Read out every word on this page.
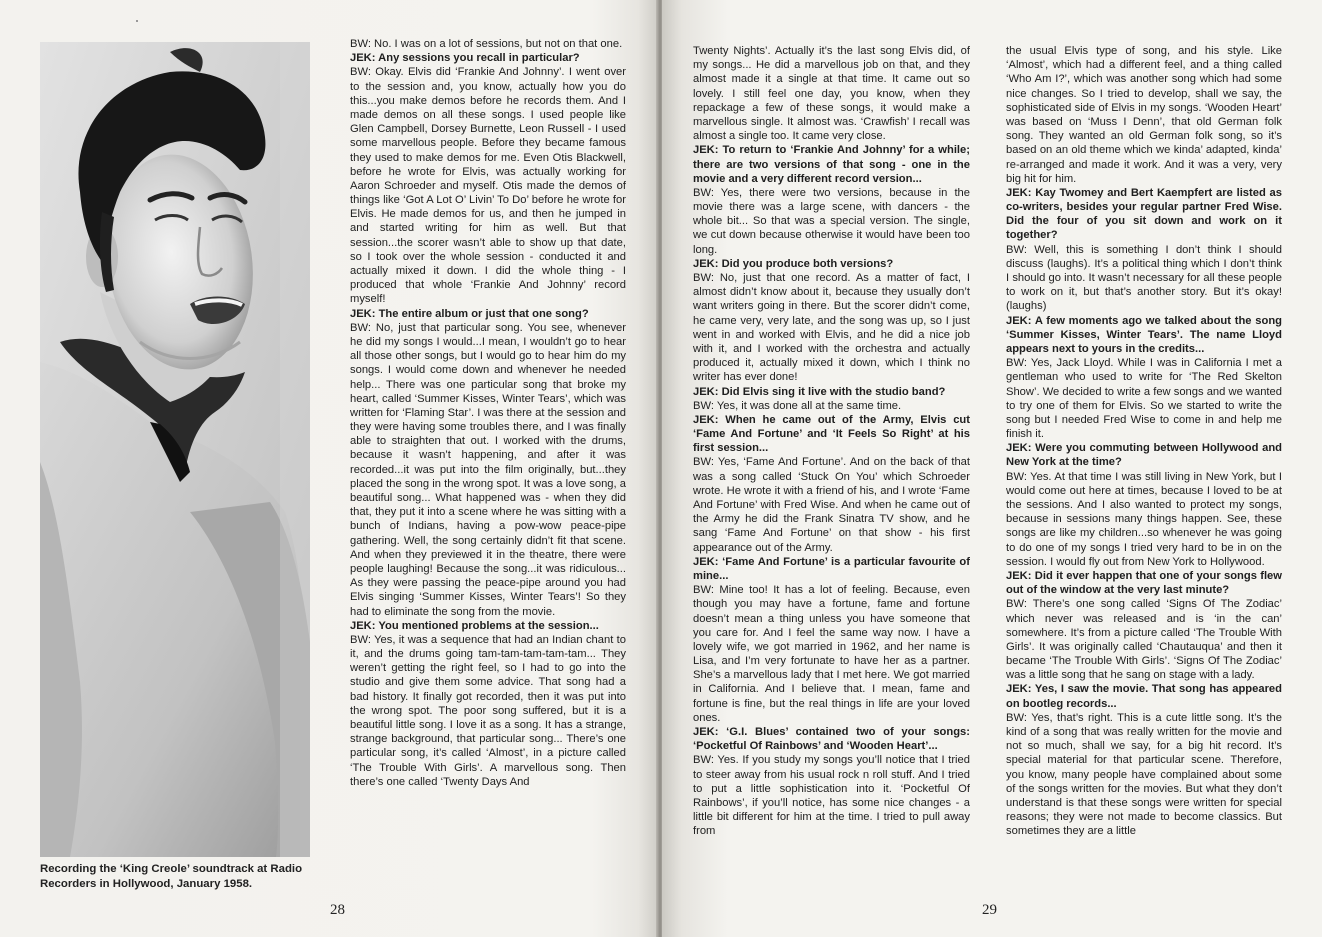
Recording the ‘King Creole’ soundtrack at Radio Recorders in Hollywood, January 1958.

BW: No. I was on a lot of sessions, but not on that one.

JEK: Any sessions you recall in particular?

BW: Okay. Elvis did ‘Frankie And Johnny’. I went over to the session and, you know, actually how you do this...you make demos before he records them. And I made demos on all these songs. I used people like Glen Campbell, Dorsey Burnette, Leon Russell - I used some marvellous people. Before they became famous they used to make demos for me. Even Otis Blackwell, before he wrote for Elvis, was actually working for Aaron Schroeder and myself. Otis made the demos of things like ‘Got A Lot O’ Livin’ To Do’ before he wrote for Elvis. He made demos for us, and then he jumped in and started writing for him as well. But that session...the scorer wasn’t able to show up that date, so I took over the whole session - conducted it and actually mixed it down. I did the whole thing - I produced that whole ‘Frankie And Johnny’ record myself!

JEK: The entire album or just that one song?

BW: No, just that particular song. You see, whenever he did my songs I would...I mean, I wouldn’t go to hear all those other songs, but I would go to hear him do my songs. I would come down and whenever he needed help... There was one particular song that broke my heart, called ‘Summer Kisses, Winter Tears’, which was written for ‘Flaming Star’. I was there at the session and they were having some troubles there, and I was finally able to straighten that out. I worked with the drums, because it wasn’t happening, and after it was recorded...it was put into the film originally, but...they placed the song in the wrong spot. It was a love song, a beautiful song... What happened was - when they did that, they put it into a scene where he was sitting with a bunch of Indians, having a pow-wow peace-pipe gathering. Well, the song certainly didn’t fit that scene. And when they previewed it in the theatre, there were people laughing! Because the song...it was ridiculous... As they were passing the peace-pipe around you had Elvis singing ‘Summer Kisses, Winter Tears’! So they had to eliminate the song from the movie.

JEK: You mentioned problems at the session...

BW: Yes, it was a sequence that had an Indian chant to it, and the drums going tam-tam-tam-tam-tam... They weren’t getting the right feel, so I had to go into the studio and give them some advice. That song had a bad history. It finally got recorded, then it was put into the wrong spot. The poor song suffered, but it is a beautiful little song. I love it as a song. It has a strange, strange background, that particular song... There’s one particular song, it’s called ‘Almost’, in a picture called ‘The Trouble With Girls’. A marvellous song. Then there’s one called ‘Twenty Days And

28

Twenty Nights’. Actually it’s the last song Elvis did, of my songs... He did a marvellous job on that, and they almost made it a single at that time. It came out so lovely. I still feel one day, you know, when they repackage a few of these songs, it would make a marvellous single. It almost was. ‘Crawfish’ I recall was almost a single too. It came very close.

JEK: To return to ‘Frankie And Johnny’ for a while; there are two versions of that song - one in the movie and a very different record version...

BW: Yes, there were two versions, because in the movie there was a large scene, with dancers - the whole bit... So that was a special version. The single, we cut down because otherwise it would have been too long.

JEK: Did you produce both versions?

BW: No, just that one record. As a matter of fact, I almost didn’t know about it, because they usually don’t want writers going in there. But the scorer didn’t come, he came very, very late, and the song was up, so I just went in and worked with Elvis, and he did a nice job with it, and I worked with the orchestra and actually produced it, actually mixed it down, which I think no writer has ever done!

JEK: Did Elvis sing it live with the studio band?

BW: Yes, it was done all at the same time.

JEK: When he came out of the Army, Elvis cut ‘Fame And Fortune’ and ‘It Feels So Right’ at his first session...

BW: Yes, ‘Fame And Fortune’. And on the back of that was a song called ‘Stuck On You’ which Schroeder wrote. He wrote it with a friend of his, and I wrote ‘Fame And Fortune’ with Fred Wise. And when he came out of the Army he did the Frank Sinatra TV show, and he sang ‘Fame And Fortune’ on that show - his first appearance out of the Army.

JEK: ‘Fame And Fortune’ is a particular favourite of mine...

BW: Mine too! It has a lot of feeling. Because, even though you may have a fortune, fame and fortune doesn’t mean a thing unless you have someone that you care for. And I feel the same way now. I have a lovely wife, we got married in 1962, and her name is Lisa, and I’m very fortunate to have her as a partner. She’s a marvellous lady that I met here. We got married in California. And I believe that. I mean, fame and fortune is fine, but the real things in life are your loved ones.

JEK: ‘G.I. Blues’ contained two of your songs: ‘Pocketful Of Rainbows’ and ‘Wooden Heart’...

BW: Yes. If you study my songs you’ll notice that I tried to steer away from his usual rock n roll stuff. And I tried to put a little sophistication into it. ‘Pocketful Of Rainbows’, if you’ll notice, has some nice changes - a little bit different for him at the time. I tried to pull away from

the usual Elvis type of song, and his style. Like ‘Almost’, which had a different feel, and a thing called ‘Who Am I?’, which was another song which had some nice changes. So I tried to develop, shall we say, the sophisticated side of Elvis in my songs. ‘Wooden Heart’ was based on ‘Muss I Denn’, that old German folk song. They wanted an old German folk song, so it’s based on an old theme which we kinda’ adapted, kinda’ re-arranged and made it work. And it was a very, very big hit for him.

JEK: Kay Twomey and Bert Kaempfert are listed as co-writers, besides your regular partner Fred Wise. Did the four of you sit down and work on it together?

BW: Well, this is something I don’t think I should discuss (laughs). It’s a political thing which I don’t think I should go into. It wasn’t necessary for all these people to work on it, but that’s another story. But it’s okay! (laughs)

JEK: A few moments ago we talked about the song ‘Summer Kisses, Winter Tears’. The name Lloyd appears next to yours in the credits...

BW: Yes, Jack Lloyd. While I was in California I met a gentleman who used to write for ‘The Red Skelton Show’. We decided to write a few songs and we wanted to try one of them for Elvis. So we started to write the song but I needed Fred Wise to come in and help me finish it.

JEK: Were you commuting between Hollywood and New York at the time?

BW: Yes. At that time I was still living in New York, but I would come out here at times, because I loved to be at the sessions. And I also wanted to protect my songs, because in sessions many things happen. See, these songs are like my children...so whenever he was going to do one of my songs I tried very hard to be in on the session. I would fly out from New York to Hollywood.

JEK: Did it ever happen that one of your songs flew out of the window at the very last minute?

BW: There’s one song called ‘Signs Of The Zodiac’ which never was released and is ‘in the can’ somewhere. It’s from a picture called ‘The Trouble With Girls’. It was originally called ‘Chautauqua’ and then it became ‘The Trouble With Girls’. ‘Signs Of The Zodiac’ was a little song that he sang on stage with a lady.

JEK: Yes, I saw the movie. That song has appeared on bootleg records...

BW: Yes, that’s right. This is a cute little song. It’s the kind of a song that was really written for the movie and not so much, shall we say, for a big hit record. It’s special material for that particular scene. Therefore, you know, many people have complained about some of the songs written for the movies. But what they don’t understand is that these songs were written for special reasons; they were not made to become classics. But sometimes they are a little

29
